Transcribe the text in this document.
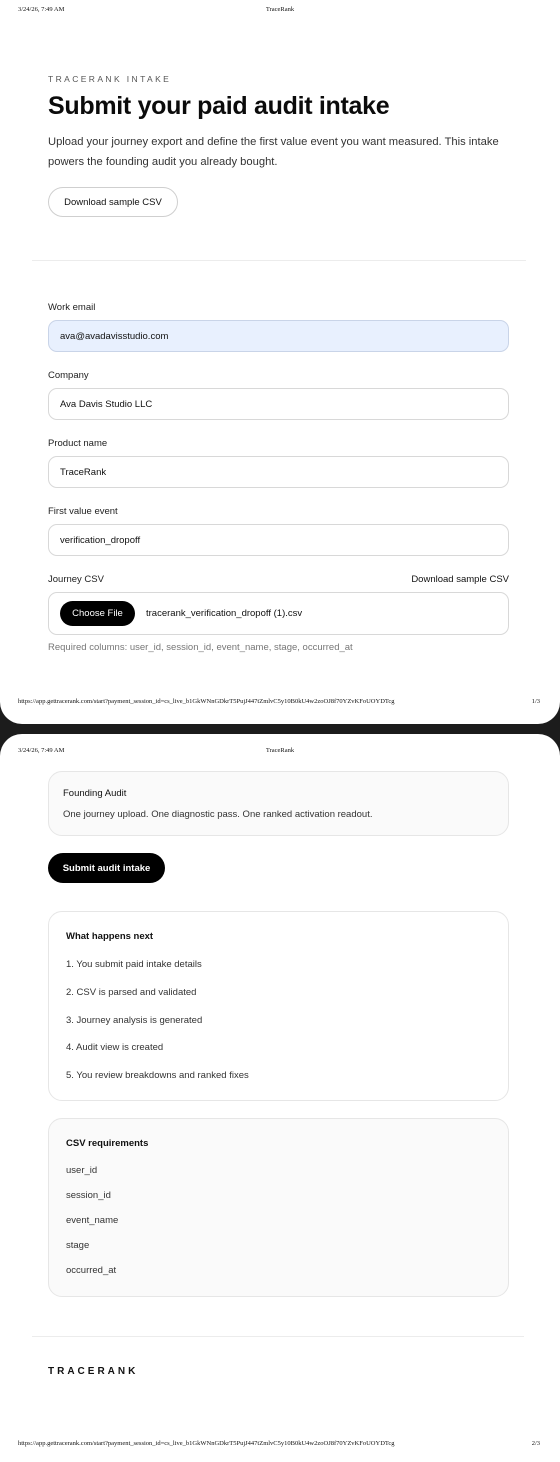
3/24/26, 7:49 AM	TraceRank
TRACERANK INTAKE
Submit your paid audit intake

Upload your journey export and define the first value event you want measured. This intake powers the founding audit you already bought.

Download sample CSV
Work email
ava@avadavisstudio.com
Company
Ava Davis Studio LLC
Product name
TraceRank
First value event
verification_dropoff
Journey CSV	Download sample CSV
Choose File	tracerank_verification_dropoff (1).csv
Required columns: user_id, session_id, event_name, stage, occurred_at
https://app.gettracerank.com/start?payment_session_id=cs_live_b1GkWNnGDkrT5PujJ447tZmlvC5y10B0kU4w2zoOJ8f70YZvKFoUOYDTcg	1/3
3/24/26, 7:49 AM	TraceRank
Founding Audit
One journey upload. One diagnostic pass. One ranked activation readout.
Submit audit intake
What happens next
1. You submit paid intake details
2. CSV is parsed and validated
3. Journey analysis is generated
4. Audit view is created
5. You review breakdowns and ranked fixes
CSV requirements
user_id
session_id
event_name
stage
occurred_at
TRACERANK
https://app.gettracerank.com/start?payment_session_id=cs_live_b1GkWNnGDkrT5PujJ447tZmlvC5y10B0kU4w2zoOJ8f70YZvKFoUOYDTcg	2/3
